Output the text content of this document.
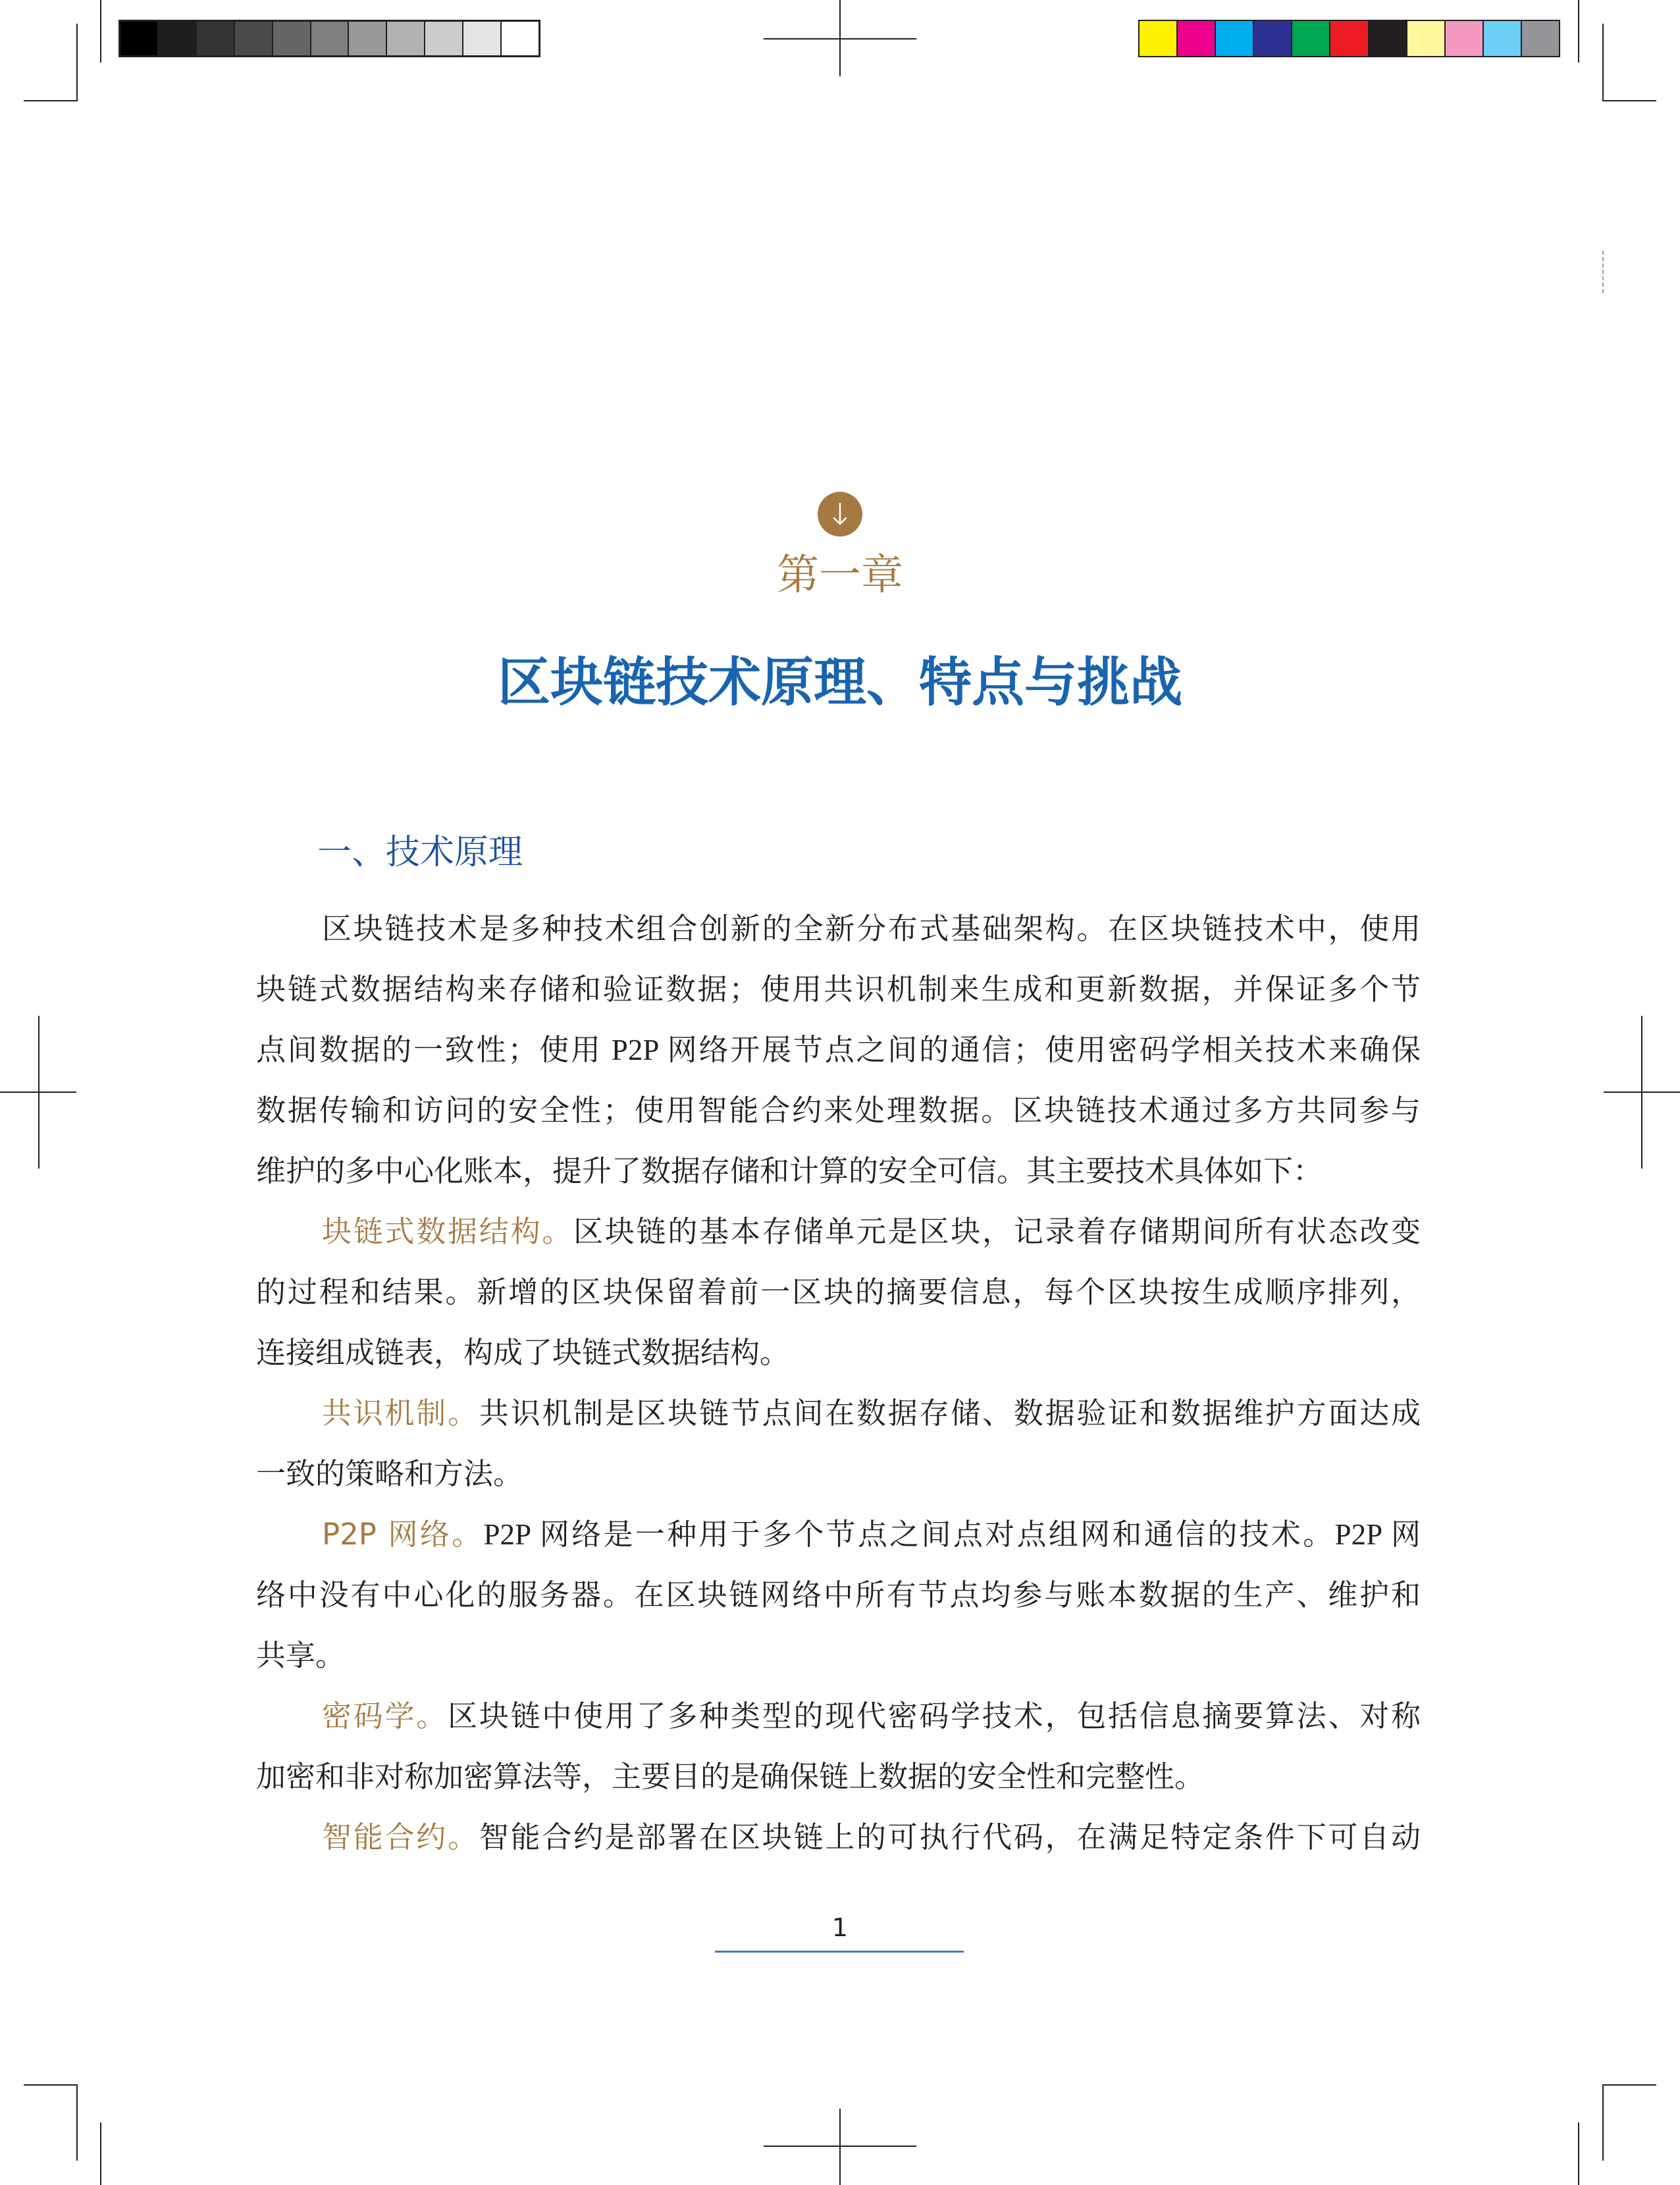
第一章
区块链技术原理、特点与挑战
一、技术原理
区块链技术是多种技术组合创新的全新分布式基础架构。在区块链技术中，使用
块链式数据结构来存储和验证数据；使用共识机制来生成和更新数据，并保证多个节
点间数据的一致性；使用 P2P 网络开展节点之间的通信；使用密码学相关技术来确保
数据传输和访问的安全性；使用智能合约来处理数据。区块链技术通过多方共同参与
维护的多中心化账本，提升了数据存储和计算的安全可信。其主要技术具体如下：
块链式数据结构。区块链的基本存储单元是区块，记录着存储期间所有状态改变
的过程和结果。新增的区块保留着前一区块的摘要信息，每个区块按生成顺序排列，
连接组成链表，构成了块链式数据结构。
共识机制。共识机制是区块链节点间在数据存储、数据验证和数据维护方面达成
一致的策略和方法。
P2P 网络。P2P 网络是一种用于多个节点之间点对点组网和通信的技术。P2P 网
络中没有中心化的服务器。在区块链网络中所有节点均参与账本数据的生产、维护和
共享。
密码学。区块链中使用了多种类型的现代密码学技术，包括信息摘要算法、对称
加密和非对称加密算法等，主要目的是确保链上数据的安全性和完整性。
智能合约。智能合约是部署在区块链上的可执行代码，在满足特定条件下可自动
1
